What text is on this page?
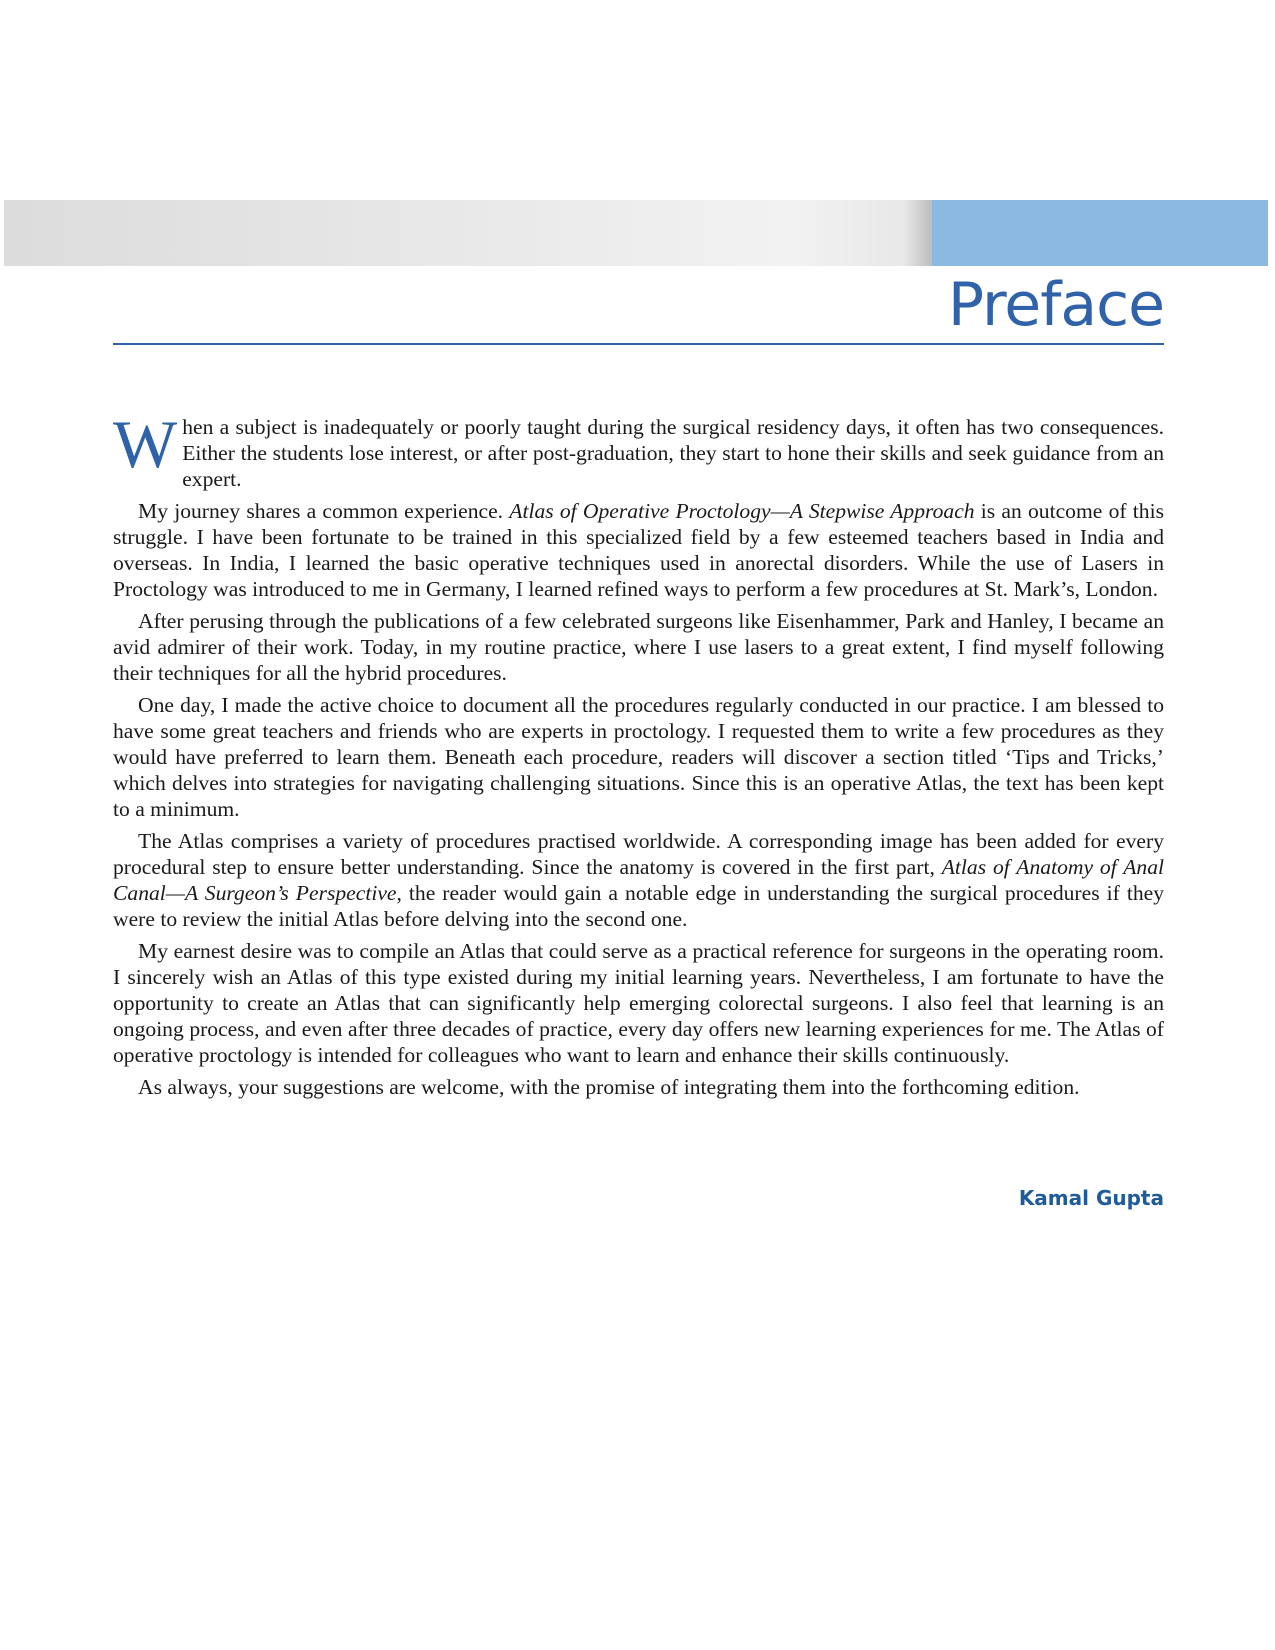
Preface

When a subject is inadequately or poorly taught during the surgical residency days, it often has two consequences. Either the students lose interest, or after post-graduation, they start to hone their skills and seek guidance from an expert.

My journey shares a common experience. Atlas of Operative Proctology—A Stepwise Approach is an outcome of this struggle. I have been fortunate to be trained in this specialized field by a few esteemed teachers based in India and overseas. In India, I learned the basic operative techniques used in anorectal disorders. While the use of Lasers in Proctology was introduced to me in Germany, I learned refined ways to perform a few procedures at St. Mark’s, London.

After perusing through the publications of a few celebrated surgeons like Eisenhammer, Park and Hanley, I became an avid admirer of their work. Today, in my routine practice, where I use lasers to a great extent, I find myself following their techniques for all the hybrid procedures.

One day, I made the active choice to document all the procedures regularly conducted in our practice. I am blessed to have some great teachers and friends who are experts in proctology. I requested them to write a few procedures as they would have preferred to learn them. Beneath each procedure, readers will discover a section titled ‘Tips and Tricks,’ which delves into strategies for navigating challenging situations. Since this is an operative Atlas, the text has been kept to a minimum.

The Atlas comprises a variety of procedures practised worldwide. A corresponding image has been added for every procedural step to ensure better understanding. Since the anatomy is covered in the first part, Atlas of Anatomy of Anal Canal—A Surgeon’s Perspective, the reader would gain a notable edge in understanding the surgical procedures if they were to review the initial Atlas before delving into the second one.

My earnest desire was to compile an Atlas that could serve as a practical reference for surgeons in the operating room. I sincerely wish an Atlas of this type existed during my initial learning years. Nevertheless, I am fortunate to have the opportunity to create an Atlas that can significantly help emerging colorectal surgeons. I also feel that learning is an ongoing process, and even after three decades of practice, every day offers new learning experiences for me. The Atlas of operative proctology is intended for colleagues who want to learn and enhance their skills continuously.

As always, your suggestions are welcome, with the promise of integrating them into the forthcoming edition.

Kamal Gupta
